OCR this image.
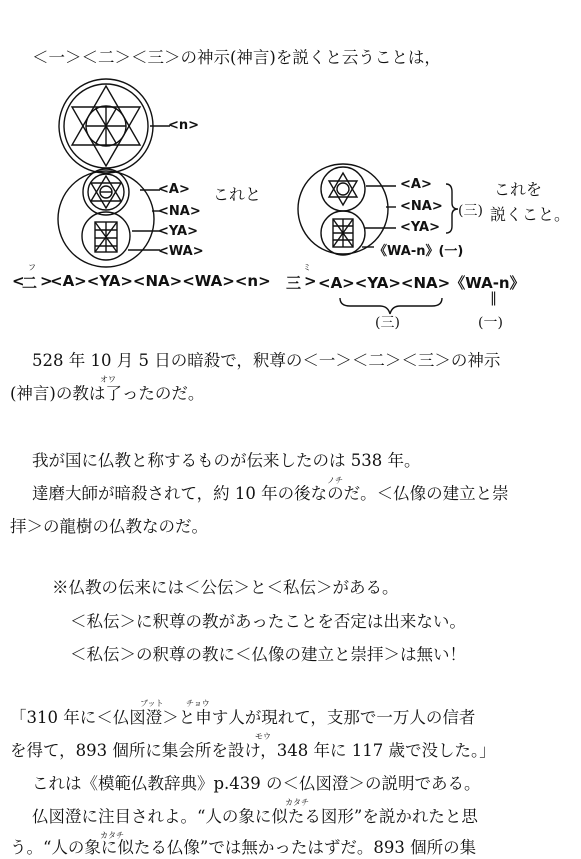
＜一＞＜二＞＜三＞の神示(神言)を説くと云うことは，
<n>
<A>
<NA>
<YA>
<WA>
これと
<A>
<NA>
<YA>
《WA-n》(一)
(三)
これを
説くこと。
フ
<
二 >
<A><YA><NA><WA><n>
ミ
三 > <A><YA><NA>《WA-n》
(三)
‖
(一)
528 年 10 月 5 日の暗殺で，釈尊の＜一＞＜二＞＜三＞の神示
オワ
(神言)の教は了ったのだ。
我が国に仏教と称するものが伝来したのは 538 年。
ノチ
達磨大師が暗殺されて，約 10 年の後なのだ。＜仏像の建立と崇
拝＞の龍樹の仏教なのだ。
※仏教の伝来には＜公伝＞と＜私伝＞がある。
＜私伝＞に釈尊の教があったことを否定は出来ない。
＜私伝＞の釈尊の教に＜仏像の建立と崇拝＞は無い！
ブット	チョウ
「310 年に＜仏図澄＞と申す人が現れて，支那で一万人の信者
モウ
を得て，893 個所に集会所を設け，348 年に 117 歳で没した。」
これは《模範仏教辞典》p.439 の＜仏図澄＞の説明である。
カタチ
仏図澄に注目されよ。“人の象に似たる図形”を説かれたと思
カタチ
う。“人の象に似たる仏像”では無かったはずだ。893 個所の集
